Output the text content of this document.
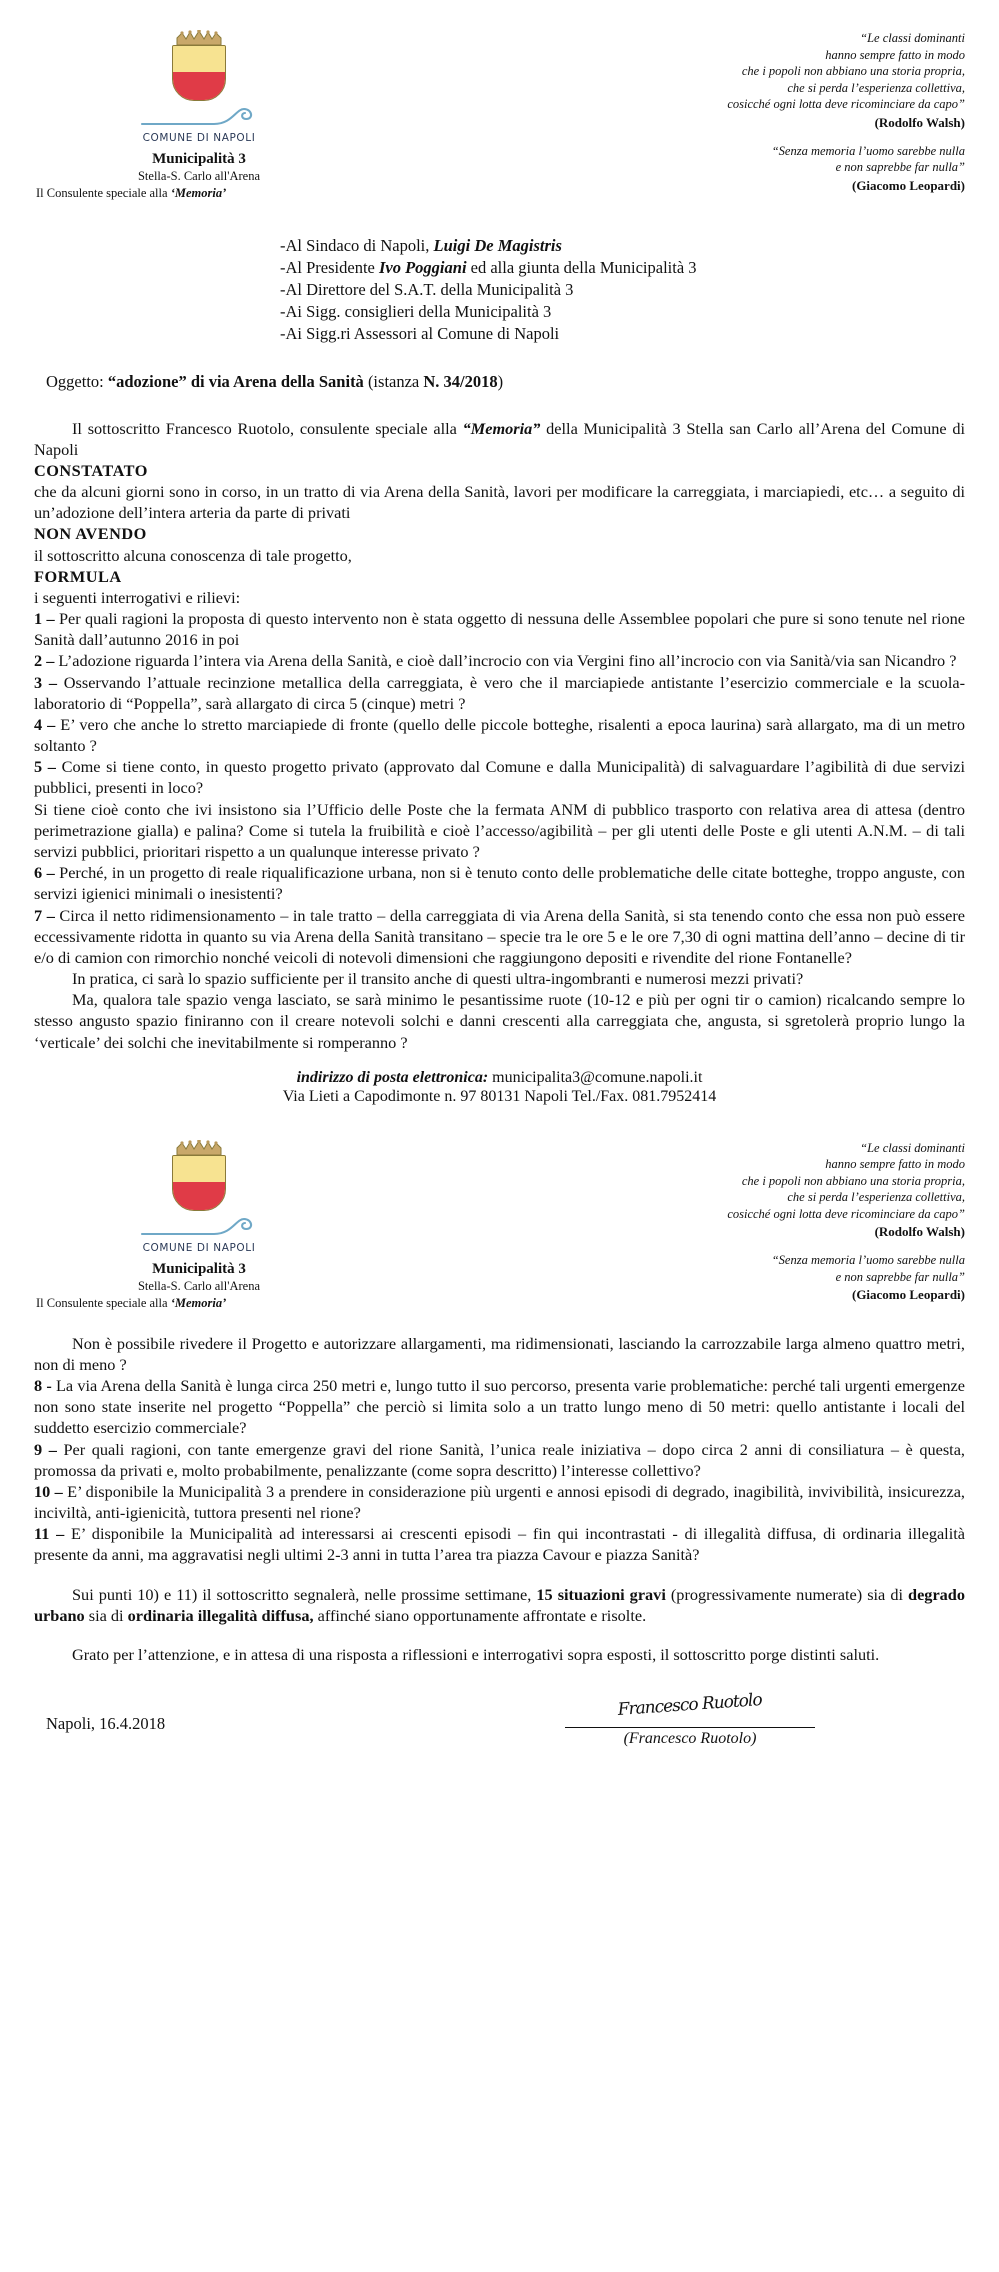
COMUNE DI NAPOLI
Municipalità 3
Stella-S. Carlo all'Arena
Il Consulente speciale alla ‘Memoria’
“Le classi dominanti
hanno sempre fatto in modo
che i popoli non abbiano una storia propria,
che si perda l’esperienza collettiva,
cosicché ogni lotta deve ricominciare da capo”
(Rodolfo Walsh)
“Senza memoria l’uomo sarebbe nulla
e non saprebbe far nulla”
(Giacomo Leopardi)
-Al Sindaco di Napoli, Luigi De Magistris
-Al Presidente Ivo Poggiani ed alla giunta della Municipalità 3
-Al Direttore del S.A.T. della Municipalità 3
-Ai Sigg. consiglieri della Municipalità 3
-Ai Sigg.ri Assessori al Comune di Napoli
Oggetto: “adozione” di via Arena della Sanità (istanza N. 34/2018)

Il sottoscritto Francesco Ruotolo, consulente speciale alla “Memoria” della Municipalità 3 Stella san Carlo all’Arena del Comune di Napoli

CONSTATATO

che da alcuni giorni sono in corso, in un tratto di via Arena della Sanità, lavori per modificare la carreggiata, i marciapiedi, etc… a seguito di un’adozione dell’intera arteria da parte di privati

NON AVENDO

il sottoscritto alcuna conoscenza di tale progetto,

FORMULA

i seguenti interrogativi e rilievi:

1 – Per quali ragioni la proposta di questo intervento non è stata oggetto di nessuna delle Assemblee popolari che pure si sono tenute nel rione Sanità dall’autunno 2016 in poi

2 – L’adozione riguarda l’intera via Arena della Sanità, e cioè dall’incrocio con via Vergini fino all’incrocio con via Sanità/via san Nicandro ?

3 – Osservando l’attuale recinzione metallica della carreggiata, è vero che il marciapiede antistante l’esercizio commerciale e la scuola-laboratorio di “Poppella”, sarà allargato di circa 5 (cinque) metri ?

4 – E’ vero che anche lo stretto marciapiede di fronte (quello delle piccole botteghe, risalenti a epoca laurina) sarà allargato, ma di un metro soltanto ?

5 – Come si tiene conto, in questo progetto privato (approvato dal Comune e dalla Municipalità) di salvaguardare l’agibilità di due servizi pubblici, presenti in loco?

Si tiene cioè conto che ivi insistono sia l’Ufficio delle Poste che la fermata ANM di pubblico trasporto con relativa area di attesa (dentro perimetrazione gialla) e palina? Come si tutela la fruibilità e cioè l’accesso/agibilità – per gli utenti delle Poste e gli utenti A.N.M. – di tali servizi pubblici, prioritari rispetto a un qualunque interesse privato ?

6 – Perché, in un progetto di reale riqualificazione urbana, non si è tenuto conto delle problematiche delle citate botteghe, troppo anguste, con servizi igienici minimali o inesistenti?

7 – Circa il netto ridimensionamento – in tale tratto – della carreggiata di via Arena della Sanità, si sta tenendo conto che essa non può essere eccessivamente ridotta in quanto su via Arena della Sanità transitano – specie tra le ore 5 e le ore 7,30 di ogni mattina dell’anno – decine di tir e/o di camion con rimorchio nonché veicoli di notevoli dimensioni che raggiungono depositi e rivendite del rione Fontanelle?

In pratica, ci sarà lo spazio sufficiente per il transito anche di questi ultra-ingombranti e numerosi mezzi privati?

Ma, qualora tale spazio venga lasciato, se sarà minimo le pesantissime ruote (10-12 e più per ogni tir o camion) ricalcando sempre lo stesso angusto spazio finiranno con il creare notevoli solchi e danni crescenti alla carreggiata che, angusta, si sgretolerà proprio lungo la ‘verticale’ dei solchi che inevitabilmente si romperanno ?

indirizzo di posta elettronica: municipalita3@comune.napoli.it
Via Lieti a Capodimonte n. 97 80131 Napoli Tel./Fax. 081.7952414
COMUNE DI NAPOLI
Municipalità 3
Stella-S. Carlo all'Arena
Il Consulente speciale alla ‘Memoria’
“Le classi dominanti
hanno sempre fatto in modo
che i popoli non abbiano una storia propria,
che si perda l’esperienza collettiva,
cosicché ogni lotta deve ricominciare da capo”
(Rodolfo Walsh)
“Senza memoria l’uomo sarebbe nulla
e non saprebbe far nulla”
(Giacomo Leopardi)

Non è possibile rivedere il Progetto e autorizzare allargamenti, ma ridimensionati, lasciando la carrozzabile larga almeno quattro metri, non di meno ?

8 - La via Arena della Sanità è lunga circa 250 metri e, lungo tutto il suo percorso, presenta varie problematiche: perché tali urgenti emergenze non sono state inserite nel progetto “Poppella” che perciò si limita solo a un tratto lungo meno di 50 metri: quello antistante i locali del suddetto esercizio commerciale?

9 – Per quali ragioni, con tante emergenze gravi del rione Sanità, l’unica reale iniziativa – dopo circa 2 anni di consiliatura – è questa, promossa da privati e, molto probabilmente, penalizzante (come sopra descritto) l’interesse collettivo?

10 – E’ disponibile la Municipalità 3 a prendere in considerazione più urgenti e annosi episodi di degrado, inagibilità, invivibilità, insicurezza, inciviltà, anti-igienicità, tuttora presenti nel rione?

11 – E’ disponibile la Municipalità ad interessarsi ai crescenti episodi – fin qui incontrastati - di illegalità diffusa, di ordinaria illegalità presente da anni, ma aggravatisi negli ultimi 2-3 anni in tutta l’area tra piazza Cavour e piazza Sanità?

Sui punti 10) e 11) il sottoscritto segnalerà, nelle prossime settimane, 15 situazioni gravi (progressivamente numerate) sia di degrado urbano sia di ordinaria illegalità diffusa, affinché siano opportunamente affrontate e risolte.

Grato per l’attenzione, e in attesa di una risposta a riflessioni e interrogativi sopra esposti, il sottoscritto porge distinti saluti.

Francesco Ruotolo
(Francesco Ruotolo)
Napoli, 16.4.2018
